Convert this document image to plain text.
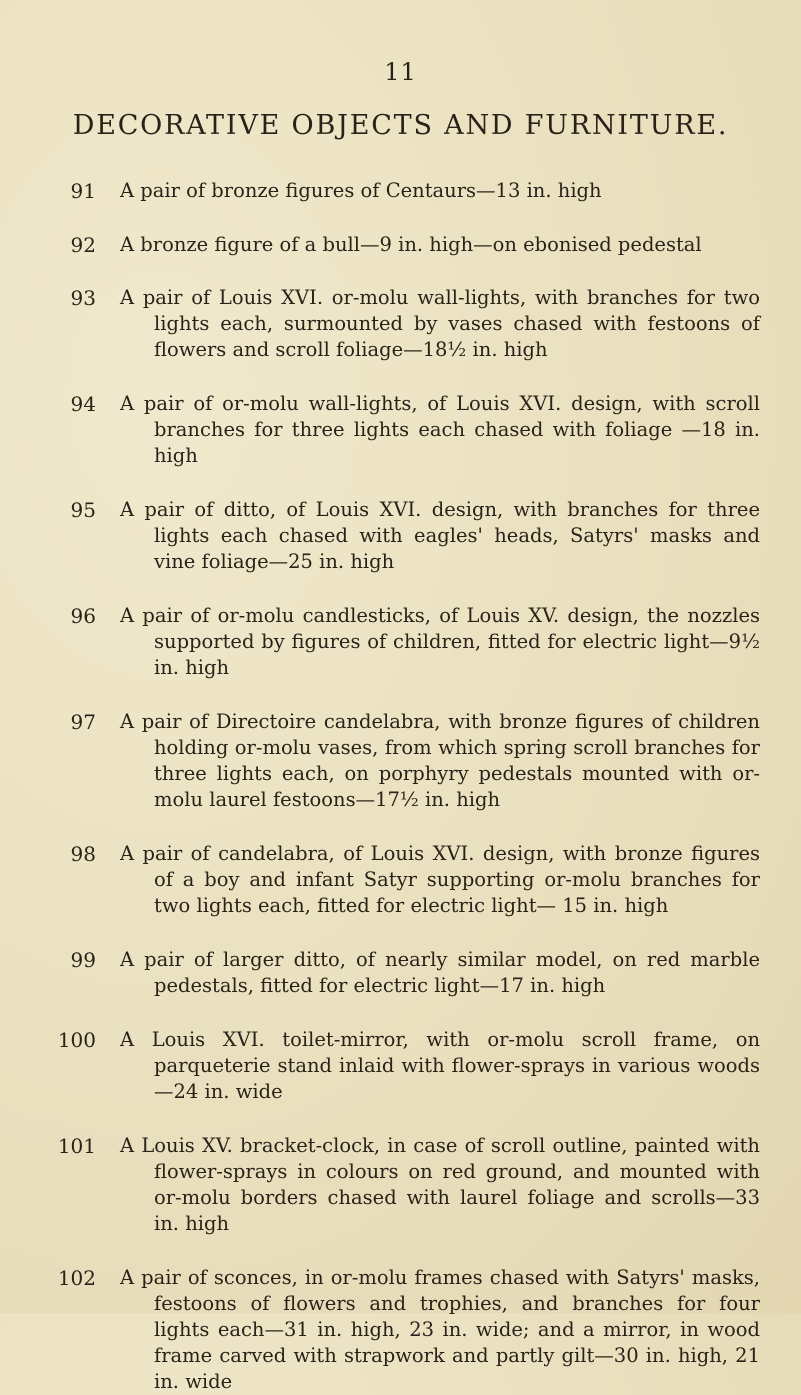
11
DECORATIVE OBJECTS AND FURNITURE.
91	A pair of bronze figures of Centaurs—13 in. high
92	A bronze figure of a bull—9 in. high—on ebonised pedestal
93	A pair of Louis XVI. or-molu wall-lights, with branches for two lights each, surmounted by vases chased with festoons of flowers and scroll foliage—18½ in. high
94	A pair of or-molu wall-lights, of Louis XVI. design, with scroll branches for three lights each chased with foliage —18 in. high
95	A pair of ditto, of Louis XVI. design, with branches for three lights each chased with eagles' heads, Satyrs' masks and vine foliage—25 in. high
96	A pair of or-molu candlesticks, of Louis XV. design, the nozzles supported by figures of children, fitted for electric light—9½ in. high
97	A pair of Directoire candelabra, with bronze figures of children holding or-molu vases, from which spring scroll branches for three lights each, on porphyry pedestals mounted with or-molu laurel festoons—17½ in. high
98	A pair of candelabra, of Louis XVI. design, with bronze figures of a boy and infant Satyr supporting or-molu branches for two lights each, fitted for electric light— 15 in. high
99	A pair of larger ditto, of nearly similar model, on red marble pedestals, fitted for electric light—17 in. high
100	A Louis XVI. toilet-mirror, with or-molu scroll frame, on parqueterie stand inlaid with flower-sprays in various woods—24 in. wide
101	A Louis XV. bracket-clock, in case of scroll outline, painted with flower-sprays in colours on red ground, and mounted with or-molu borders chased with laurel foliage and scrolls—33 in. high
102	A pair of sconces, in or-molu frames chased with Satyrs' masks, festoons of flowers and trophies, and branches for four lights each—31 in. high, 23 in. wide; and a mirror, in wood frame carved with strapwork and partly gilt—30 in. high, 21 in. wide
